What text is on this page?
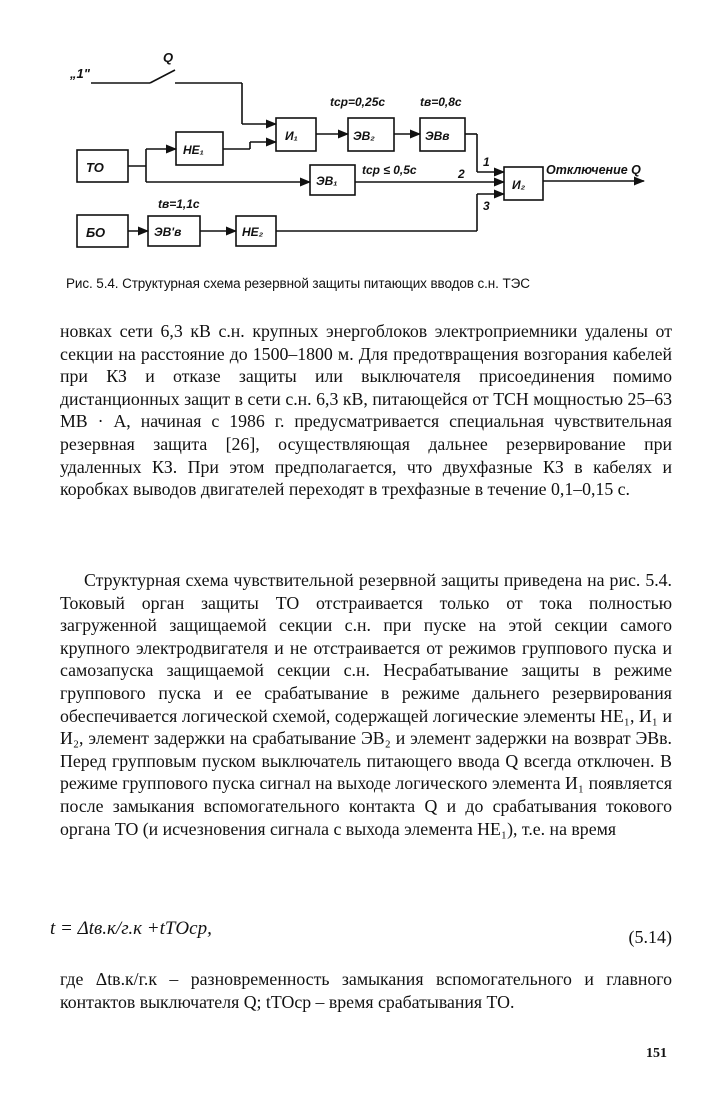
ТО
БО
НЕ₁
И₁	ЭВ₂	ЭВв
ЭВ₁	И₂
ЭВ'в	НЕ₂
„1"
Q
tср=0,25с	tв=0,8с
tср ≤ 0,5с
tв=1,1с
Отключение Q
1
2
3
Рис. 5.4. Структурная схема резервной защиты питающих вводов с.н. ТЭС

новках сети 6,3 кВ с.н. крупных энергоблоков электроприемники удалены от секции на расстояние до 1500–1800 м. Для предотвращения возгорания кабелей при КЗ и отказе защиты или выключателя присоединения помимо дистанционных защит в сети с.н. 6,3 кВ, питающейся от ТСН мощностью 25–63 МВ · А, начиная с 1986 г. предусматривается специальная чувствительная резервная защита [26], осуществляющая дальнее резервирование при удаленных КЗ. При этом предполагается, что двухфазные КЗ в кабелях и коробках выводов двигателей переходят в трехфазные в течение 0,1–0,15 с.

Структурная схема чувствительной резервной защиты приведена на рис. 5.4. Токовый орган защиты ТО отстраивается только от тока полностью загруженной защищаемой секции с.н. при пуске на этой секции самого крупного электродвигателя и не отстраивается от режимов группового пуска и самозапуска защищаемой секции с.н. Несрабатывание защиты в режиме группового пуска и ее срабатывание в режиме дальнего резервирования обеспечивается логической схемой, содержащей логические элементы НЕ₁, И₁ и И₂, элемент задержки на срабатывание ЭВ₂ и элемент задержки на возврат ЭВв. Перед групповым пуском выключатель питающего ввода Q всегда отключен. В режиме группового пуска сигнал на выходе логического элемента И₁ появляется после замыкания вспомогательного контакта Q и до срабатывания токового органа ТО (и исчезновения сигнала с выхода элемента НЕ₁), т.е. на время

t = Δtв.к/г.к +tТОср,	(5.14)

где Δtв.к/г.к – разновременность замыкания вспомогательного и главного контактов выключателя Q; tТОср – время срабатывания ТО.

151
